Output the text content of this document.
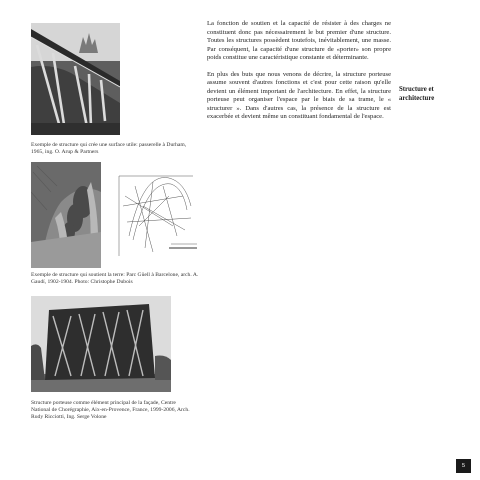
Exemple de structure qui crée une surface utile: passerelle à Durham, 1965, ing. O. Arup & Partners
Exemple de structure qui soutient la terre: Parc Güell à Barcelone, arch. A. Gaudí, 1902-1904. Photo: Christophe Dubois
Structure porteuse comme élément principal de la façade, Centre National de Chorégraphie, Aix-en-Provence, France, 1999-2006, Arch. Rudy Ricciotti, Ing. Serge Volone

La fonction de soutien et la capacité de résister à des charges ne constituent donc pas nécessairement le but premier d'une structure. Toutes les structures possèdent toutefois, inévitablement, une masse. Par conséquent, la capacité d'une structure de «porter» son propre poids constitue une caractéristique constante et déterminante.

En plus des buts que nous venons de décrire, la structure porteuse assume souvent d'autres fonctions et c'est pour cette raison qu'elle devient un élément important de l'architecture. En effet, la structure porteuse peut organiser l'espace par le biais de sa trame, le « structurer ». Dans d'autres cas, la présence de la structure est exacerbée et devient même un constituant fondamental de l'espace.

Structure et architecture
5
